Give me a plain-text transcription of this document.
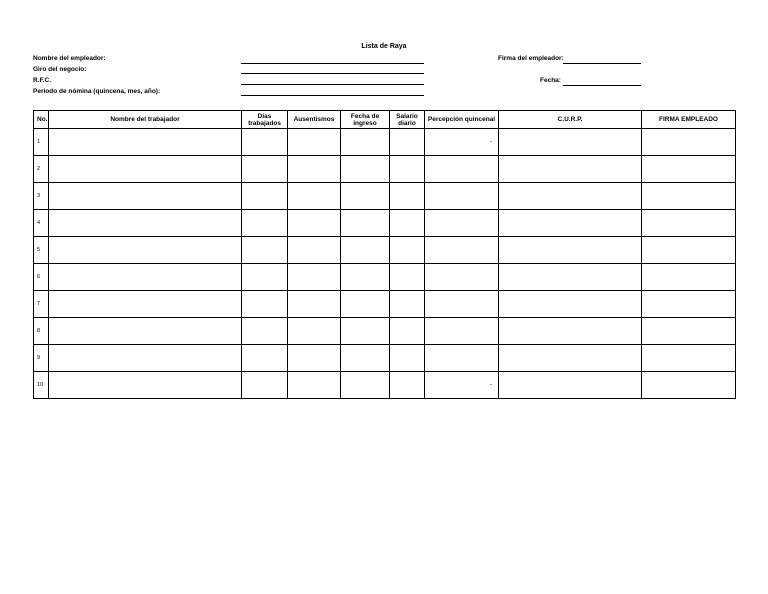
Lista de Raya
Nombre del empleador:
Giro del negocio:
R.F.C.
Periodo de nómina (quincena, mes, año):
Firma del empleador:
Fecha:
No.	Nombre del trabajador	Días trabajados	Ausentismos	Fecha de ingreso	Salario diario	Percepción quincenal	C.U.R.P.	FIRMA EMPLEADO
1						-		
2								
3								
4								
5								
6								
7								
8								
9								
10						-		
